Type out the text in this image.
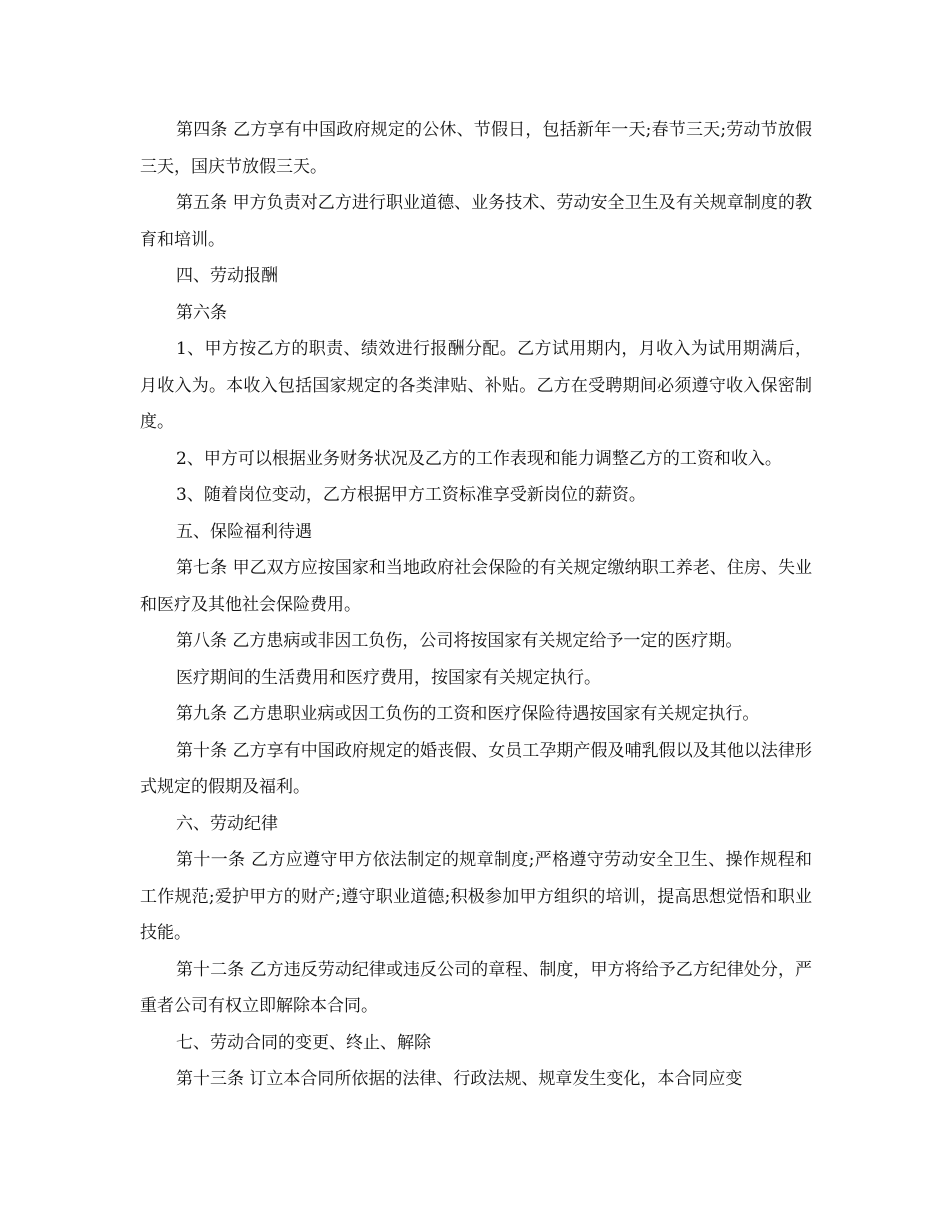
第四条 乙方享有中国政府规定的公休、节假日，包括新年一天;春节三天;劳动节放假三天，国庆节放假三天。

第五条 甲方负责对乙方进行职业道德、业务技术、劳动安全卫生及有关规章制度的教育和培训。

四、劳动报酬

第六条

1、甲方按乙方的职责、绩效进行报酬分配。乙方试用期内，月收入为试用期满后，月收入为。本收入包括国家规定的各类津贴、补贴。乙方在受聘期间必须遵守收入保密制度。

2、甲方可以根据业务财务状况及乙方的工作表现和能力调整乙方的工资和收入。

3、随着岗位变动，乙方根据甲方工资标准享受新岗位的薪资。

五、保险福利待遇

第七条 甲乙双方应按国家和当地政府社会保险的有关规定缴纳职工养老、住房、失业和医疗及其他社会保险费用。

第八条 乙方患病或非因工负伤，公司将按国家有关规定给予一定的医疗期。

医疗期间的生活费用和医疗费用，按国家有关规定执行。

第九条 乙方患职业病或因工负伤的工资和医疗保险待遇按国家有关规定执行。

第十条 乙方享有中国政府规定的婚丧假、女员工孕期产假及哺乳假以及其他以法律形式规定的假期及福利。

六、劳动纪律

第十一条 乙方应遵守甲方依法制定的规章制度;严格遵守劳动安全卫生、操作规程和工作规范;爱护甲方的财产;遵守职业道德;积极参加甲方组织的培训，提高思想觉悟和职业技能。

第十二条 乙方违反劳动纪律或违反公司的章程、制度，甲方将给予乙方纪律处分，严重者公司有权立即解除本合同。

七、劳动合同的变更、终止、解除

第十三条 订立本合同所依据的法律、行政法规、规章发生变化，本合同应变
